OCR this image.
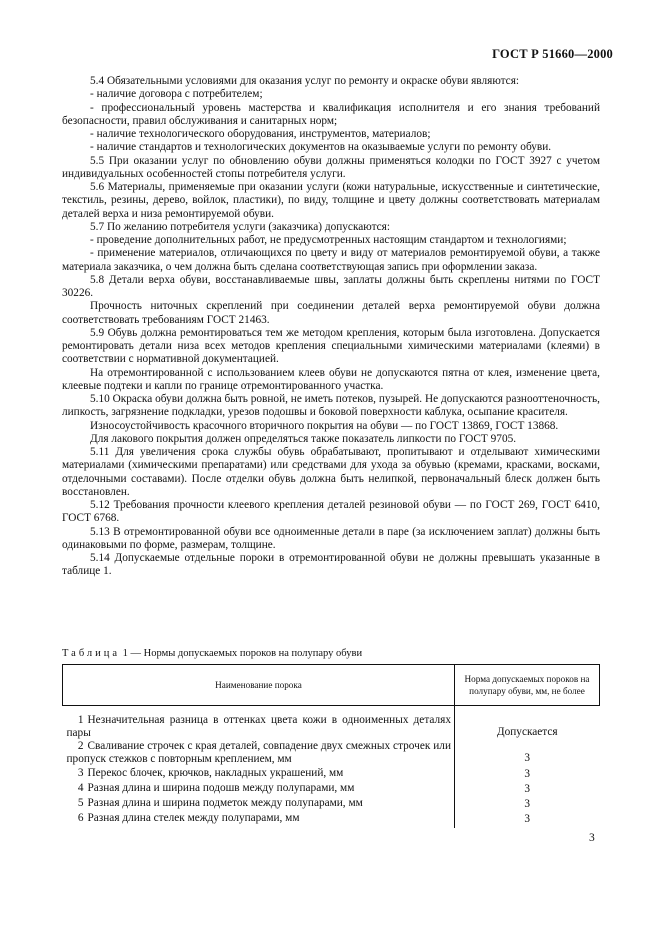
ГОСТ Р 51660—2000

5.4 Обязательными условиями для оказания услуг по ремонту и окраске обуви являются:

- наличие договора с потребителем;

- профессиональный уровень мастерства и квалификация исполнителя и его знания требований безопасности, правил обслуживания и санитарных норм;

- наличие технологического оборудования, инструментов, материалов;

- наличие стандартов и технологических документов на оказываемые услуги по ремонту обуви.

5.5 При оказании услуг по обновлению обуви должны применяться колодки по ГОСТ 3927 с учетом индивидуальных особенностей стопы потребителя услуги.

5.6 Материалы, применяемые при оказании услуги (кожи натуральные, искусственные и синтетические, текстиль, резины, дерево, войлок, пластики), по виду, толщине и цвету должны соответствовать материалам деталей верха и низа ремонтируемой обуви.

5.7 По желанию потребителя услуги (заказчика) допускаются:

- проведение дополнительных работ, не предусмотренных настоящим стандартом и технологиями;

- применение материалов, отличающихся по цвету и виду от материалов ремонтируемой обуви, а также материала заказчика, о чем должна быть сделана соответствующая запись при оформлении заказа.

5.8 Детали верха обуви, восстанавливаемые швы, заплаты должны быть скреплены нитями по ГОСТ 30226.

Прочность ниточных скреплений при соединении деталей верха ремонтируемой обуви должна соответствовать требованиям ГОСТ 21463.

5.9 Обувь должна ремонтироваться тем же методом крепления, которым была изготовлена. Допускается ремонтировать детали низа всех методов крепления специальными химическими материалами (клеями) в соответствии с нормативной документацией.

На отремонтированной с использованием клеев обуви не допускаются пятна от клея, изменение цвета, клеевые подтеки и капли по границе отремонтированного участка.

5.10 Окраска обуви должна быть ровной, не иметь потеков, пузырей. Не допускаются разнооттеночность, липкость, загрязнение подкладки, урезов подошвы и боковой поверхности каблука, осыпание красителя.

Износоустойчивость красочного вторичного покрытия на обуви — по ГОСТ 13869, ГОСТ 13868.

Для лакового покрытия должен определяться также показатель липкости по ГОСТ 9705.

5.11 Для увеличения срока службы обувь обрабатывают, пропитывают и отделывают химическими материалами (химическими препаратами) или средствами для ухода за обувью (кремами, красками, восками, отделочными составами). После отделки обувь должна быть нелипкой, первоначальный блеск должен быть восстановлен.

5.12 Требования прочности клеевого крепления деталей резиновой обуви — по ГОСТ 269, ГОСТ 6410, ГОСТ 6768.

5.13 В отремонтированной обуви все одноименные детали в паре (за исключением заплат) должны быть одинаковыми по форме, размерам, толщине.

5.14 Допускаемые отдельные пороки в отремонтированной обуви не должны превышать указанные в таблице 1.

Таблица 1 — Нормы допускаемых пороков на полупару обуви
Наименование порока	Норма допускаемых пороков на полупару обуви, мм, не более

1 Незначительная разница в оттенках цвета кожи в одноименных деталях пары	Допускается
2 Сваливание строчек с края деталей, совпадение двух смежных строчек или пропуск стежков с повторным креплением, мм	3
3 Перекос блочек, крючков, накладных украшений, мм	3
4 Разная длина и ширина подошв между полупарами, мм	3
5 Разная длина и ширина подметок между полупарами, мм	3
6 Разная длина стелек между полупарами, мм	3
3
